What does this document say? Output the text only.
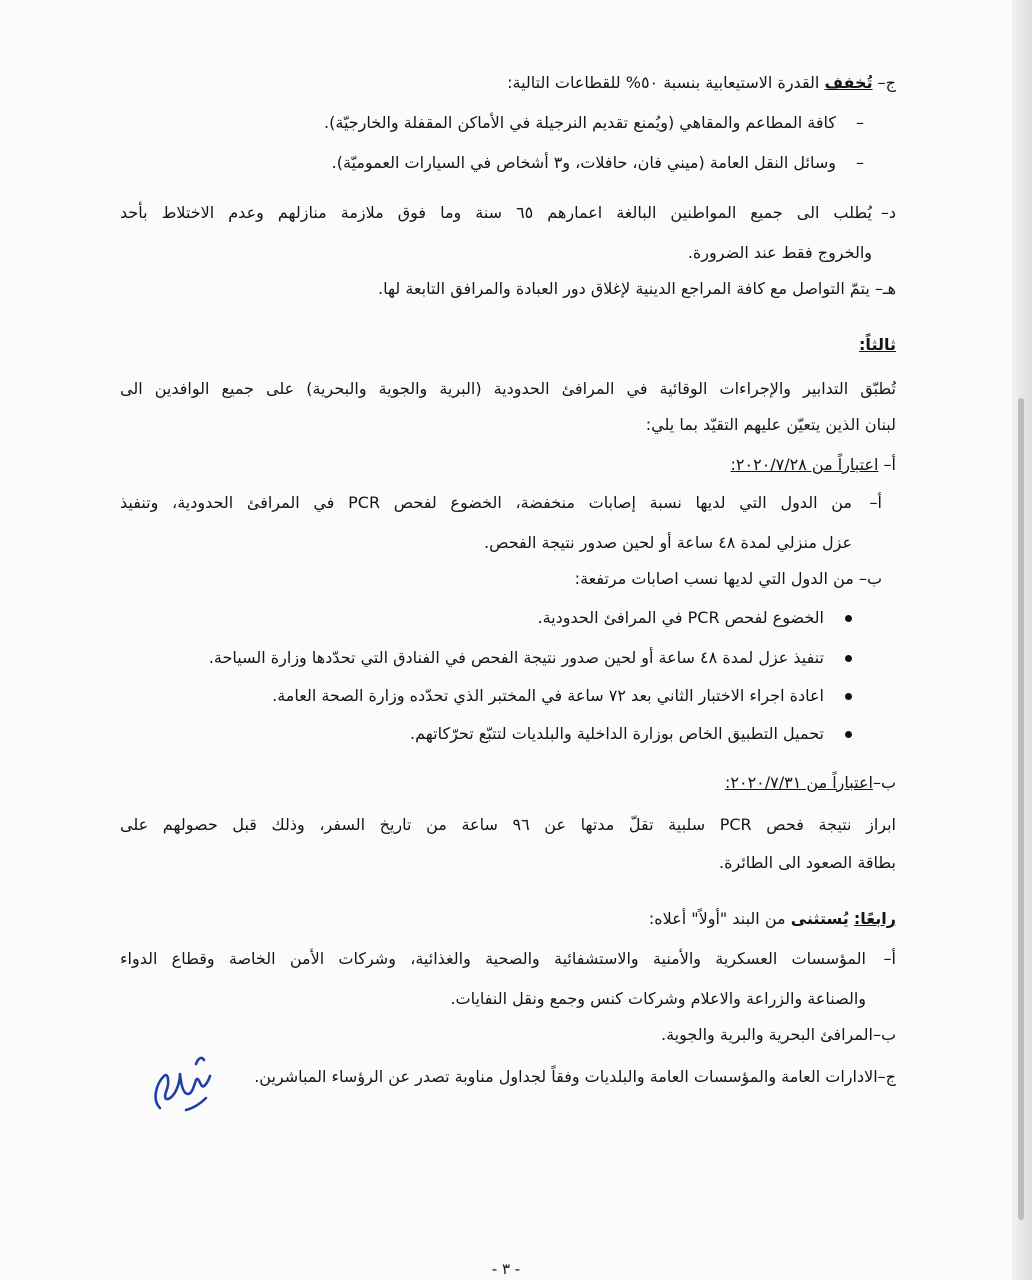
ج– تُخفف القدرة الاستيعابية بنسبة ٥٠% للقطاعات التالية:
–
كافة المطاعم والمقاهي (ويُمنع تقديم النرجيلة في الأماكن المقفلة والخارجيّة).
–
وسائل النقل العامة (ميني فان، حافلات، و٣ أشخاص في السيارات العموميّة).
د–
يُطلب الى جميع المواطنين البالغة اعمارهم ٦٥ سنة وما فوق ملازمة منازلهم وعدم الاختلاط بأحد
والخروج فقط عند الضرورة.
هـ– يتمّ التواصل مع كافة المراجع الدينية لإغلاق دور العبادة والمرافق التابعة لها.
ثالثاً:
تُطبّق التدابير والإجراءات الوقائية في المرافئ الحدودية (البرية والجوية والبحرية) على جميع الوافدين الى
لبنان الذين يتعيّن عليهم التقيّد بما يلي:
أ– اعتباراً من ٢٠٢٠/٧/٢٨:
أ–
من الدول التي لديها نسبة إصابات منخفضة، الخضوع لفحص PCR في المرافئ الحدودية، وتنفيذ
عزل منزلي لمدة ٤٨ ساعة أو لحين صدور نتيجة الفحص.
ب– من الدول التي لديها نسب اصابات مرتفعة:
الخضوع لفحص PCR في المرافئ الحدودية.
تنفيذ عزل لمدة ٤٨ ساعة أو لحين صدور نتيجة الفحص في الفنادق التي تحدّدها وزارة السياحة.
اعادة اجراء الاختبار الثاني بعد ٧٢ ساعة في المختبر الذي تحدّده وزارة الصحة العامة.
تحميل التطبيق الخاص بوزارة الداخلية والبلديات لتتبّع تحرّكاتهم.
ب–اعتباراً من ٢٠٢٠/٧/٣١:
ابراز نتيجة فحص PCR سلبية تقلّ مدتها عن ٩٦ ساعة من تاريخ السفر، وذلك قبل حصولهم على
بطاقة الصعود الى الطائرة.
رابعًا: يُستثنى من البند "أولاً" أعلاه:
أ–
المؤسسات العسكرية والأمنية والاستشفائية والصحية والغذائية، وشركات الأمن الخاصة وقطاع الدواء
والصناعة والزراعة والاعلام وشركات كنس وجمع ونقل النفايات.
ب–المرافئ البحرية والبرية والجوية.
ج–الادارات العامة والمؤسسات العامة والبلديات وفقاً لجداول مناوبة تصدر عن الرؤساء المباشرين.
- ٣ -
